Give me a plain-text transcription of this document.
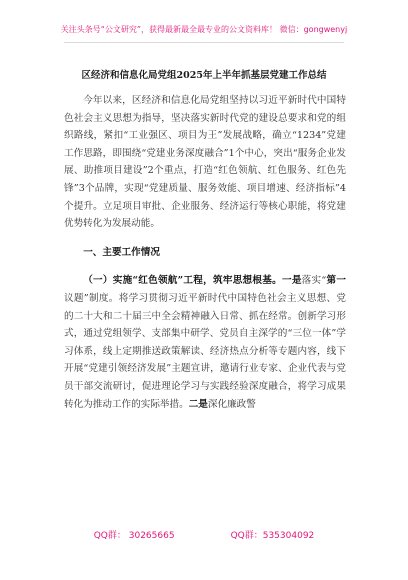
关注头条号“公文研究”，获得最新最全最专业的公文资料库！ 微信：gongwenyj
区经济和信息化局党组2025年上半年抓基层党建工作总结

今年以来，区经济和信息化局党组坚持以习近平新时代中国特色社会主义思想为指导，坚决落实新时代党的建设总要求和党的组织路线，紧扣“工业强区、项目为王”发展战略，确立“1234”党建工作思路，即围绕“党建业务深度融合”1个中心，突出“服务企业发展、助推项目建设”2个重点，打造“红色领航、红色服务、红色先锋”3个品牌，实现“党建质量、服务效能、项目增速、经济指标”4个提升。立足项目审批、企业服务、经济运行等核心职能，将党建优势转化为发展动能。

一、主要工作情况

（一）实施“红色领航”工程，筑牢思想根基。一是落实“第一议题”制度。将学习贯彻习近平新时代中国特色社会主义思想、党的二十大和二十届三中全会精神融入日常、抓在经常。创新学习形式，通过党组领学、支部集中研学、党员自主深学的“三位一体”学习体系，线上定期推送政策解读、经济热点分析等专题内容，线下开展“党建引领经济发展”主题宣讲，邀请行业专家、企业代表与党员干部交流研讨，促进理论学习与实践经验深度融合，将学习成果转化为推动工作的实际举措。二是深化廉政警

QQ群： 30265665	QQ群：535304092
